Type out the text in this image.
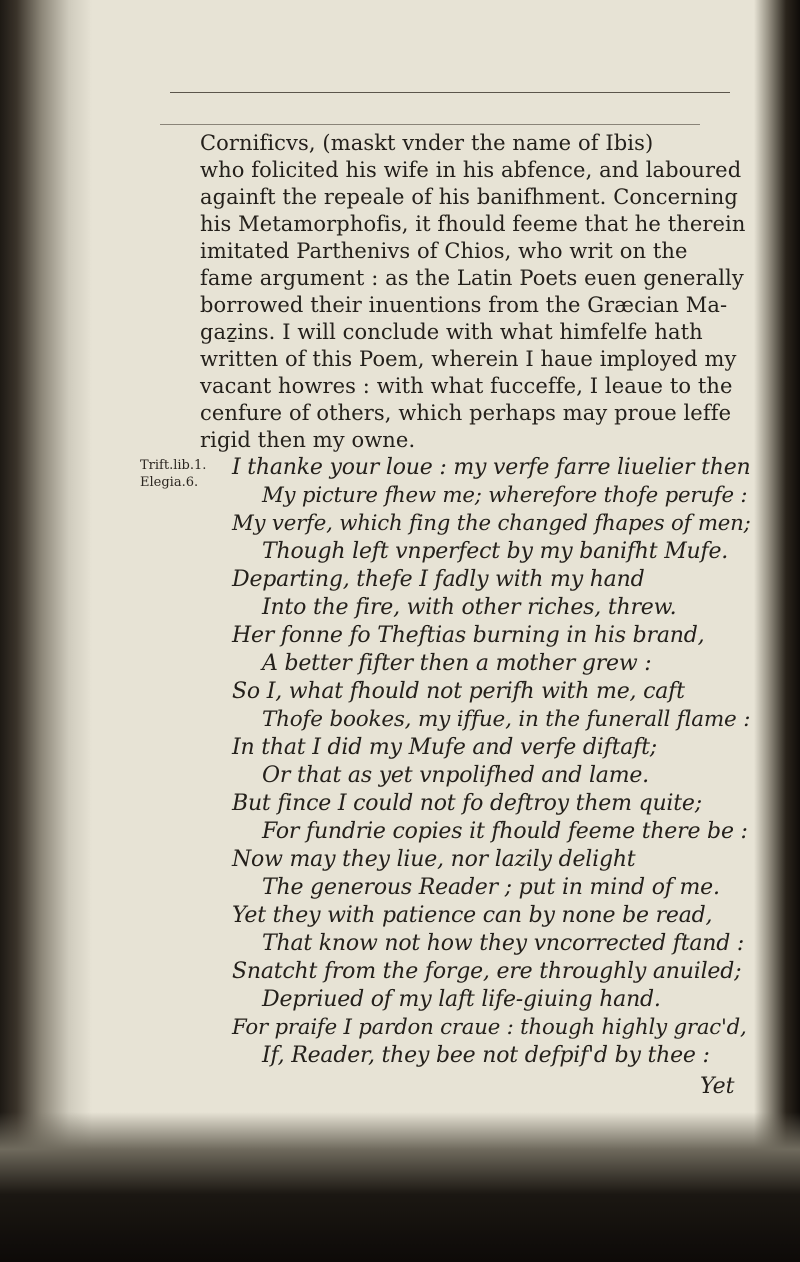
Cornificvs, (maskt vnder the name of Ibis)
who folicited his wife in his abfence, and laboured
againft the repeale of his banifhment. Concerning
his Metamorphofis, it fhould feeme that he therein
imitated Parthenivs of Chios, who writ on the
fame argument : as the Latin Poets euen generally
borrowed their inuentions from the Græcian Ma-
gaẕins. I will conclude with what himfelfe hath
written of this Poem, wherein I haue imployed my
vacant howres : with what fucceffe, I leaue to the
cenfure of others, which perhaps may proue leffe
rigid then my owne.
Trift.lib.1.
Elegia.6.
I thanke your loue : my verfe farre liuelier then
My picture fhew me; wherefore thofe perufe :
My verfe, which fing the changed fhapes of men;
Though left vnperfect by my banifht Mufe.
Departing, thefe I fadly with my hand
Into the fire, with other riches, threw.
Her fonne fo Theftias burning in his brand,
A better fifter then a mother grew :
So I, what fhould not perifh with me, caft
Thofe bookes, my iffue, in the funerall flame :
In that I did my Mufe and verfe diftaft;
Or that as yet vnpolifhed and lame.
But fince I could not fo deftroy them quite;
For fundrie copies it fhould feeme there be :
Now may they liue, nor lazily delight
The generous Reader ; put in mind of me.
Yet they with patience can by none be read,
That know not how they vncorrected ftand :
Snatcht from the forge, ere throughly anuiled;
Depriued of my laft life-giuing hand.
For praife I pardon craue : though highly grac'd,
If, Reader, they bee not defpif'd by thee :
Yet
